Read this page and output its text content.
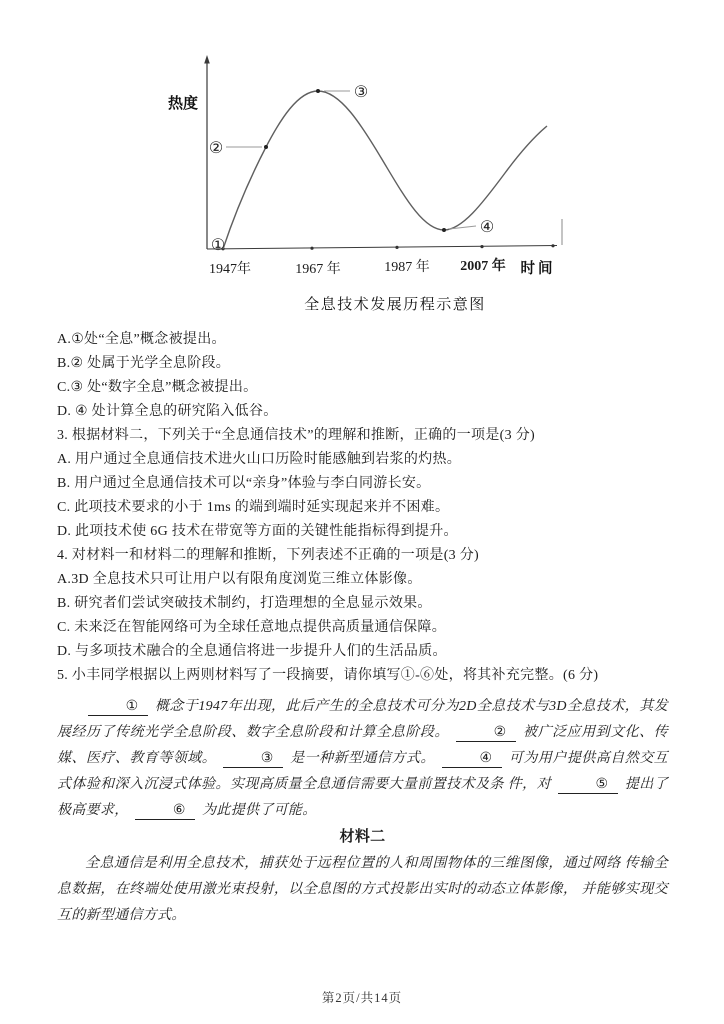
①
②
③
④
热度
时间
1947年	1967 年	1987 年 2007 年
全息技术发展历程示意图

A.①处“全息”概念被提出。

B.② 处属于光学全息阶段。

C.③ 处“数字全息”概念被提出。

D. ④ 处计算全息的研究陷入低谷。

3. 根据材料二，下列关于“全息通信技术”的理解和推断，正确的一项是(3 分)

A. 用户通过全息通信技术进火山口历险时能感触到岩浆的灼热。

B. 用户通过全息通信技术可以“亲身”体验与李白同游长安。

C. 此项技术要求的小于 1ms 的端到端时延实现起来并不困难。

D. 此项技术使 6G 技术在带宽等方面的关键性能指标得到提升。

4. 对材料一和材料二的理解和推断，下列表述不正确的一项是(3 分)

A.3D 全息技术只可让用户以有限角度浏览三维立体影像。

B. 研究者们尝试突破技术制约，打造理想的全息显示效果。

C. 未来泛在智能网络可为全球任意地点提供高质量通信保障。

D. 与多项技术融合的全息通信将进一步提升人们的生活品质。

5. 小丰同学根据以上两则材料写了一段摘要，请你填写①-⑥处，将其补充完整。(6 分)

① 概念于1947年出现，此后产生的全息技术可分为2D全息技术与3D全息技术，其发展经历了传统光学全息阶段、数字全息阶段和计算全息阶段。	② 被广泛应用到文化、传媒、医疗、教育等领域。	③ 是一种新型通信方式。	④ 可为用户提供高自然交互式体验和深入沉浸式体验。实现高质量全息通信需要大量前置技术及条 件，对	⑤ 提出了极高要求，	⑥ 为此提供了可能。

材料二

全息通信是利用全息技术，捕获处于远程位置的人和周围物体的三维图像，通过网络 传输全息数据，在终端处使用激光束投射，以全息图的方式投影出实时的动态立体影像， 并能够实现交互的新型通信方式。

第2页/共14页
